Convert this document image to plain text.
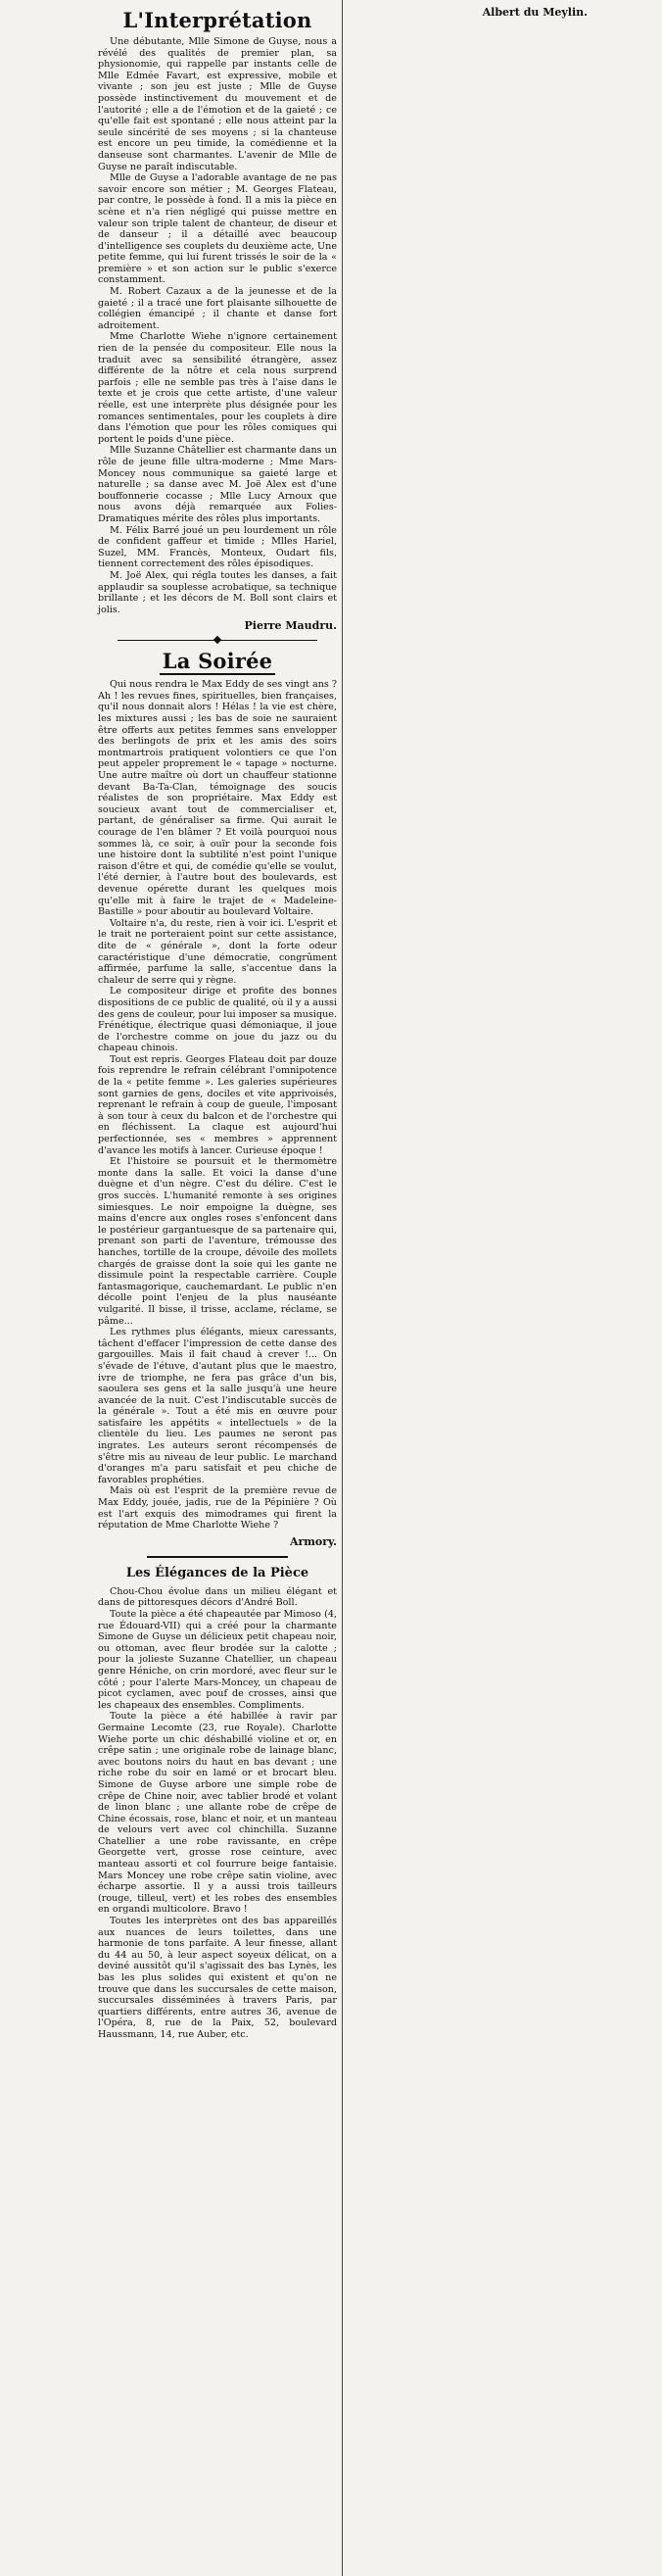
L'Interprétation

Une débutante, Mlle Simone de Guyse, nous a révélé des qualités de premier plan, sa physionomie, qui rappelle par instants celle de Mlle Edmée Favart, est expressive, mobile et vivante ; son jeu est juste ; Mlle de Guyse possède instinctivement du mouvement et de l'autorité ; elle a de l'émotion et de la gaieté ; ce qu'elle fait est spontané ; elle nous atteint par la seule sincérité de ses moyens ; si la chanteuse est encore un peu timide, la comédienne et la danseuse sont charmantes. L'avenir de Mlle de Guyse ne paraît indiscutable.

Mlle de Guyse a l'adorable avantage de ne pas savoir encore son métier ; M. Georges Flateau, par contre, le possède à fond. Il a mis la pièce en scène et n'a rien négligé qui puisse mettre en valeur son triple talent de chanteur, de diseur et de danseur ; il a détaillé avec beaucoup d'intelligence ses couplets du deuxième acte, Une petite femme, qui lui furent trissés le soir de la « première » et son action sur le public s'exerce constamment.

M. Robert Cazaux a de la jeunesse et de la gaieté ; il a tracé une fort plaisante silhouette de collégien émancipé ; il chante et danse fort adroitement.

Mme Charlotte Wiehe n'ignore certainement rien de la pensée du compositeur. Elle nous la traduit avec sa sensibilité étrangère, assez différente de la nôtre et cela nous surprend parfois ; elle ne semble pas très à l'aise dans le texte et je crois que cette artiste, d'une valeur réelle, est une interprète plus désignée pour les romances sentimentales, pour les couplets à dire dans l'émotion que pour les rôles comiques qui portent le poids d'une pièce.

Mlle Suzanne Châtellier est charmante dans un rôle de jeune fille ultra-moderne ; Mme Mars-Moncey nous communique sa gaieté large et naturelle ; sa danse avec M. Joë Alex est d'une bouffonnerie cocasse ; Mlle Lucy Arnoux que nous avons déjà remarquée aux Folies-Dramatiques mérite des rôles plus importants.

M. Félix Barré joué un peu lourdement un rôle de confident gaffeur et timide ; Mlles Hariel, Suzel, MM. Francès, Monteux, Oudart fils, tiennent correctement des rôles épisodiques.

M. Joë Alex, qui régla toutes les danses, a fait applaudir sa souplesse acrobatique, sa technique brillante ; et les décors de M. Boll sont clairs et jolis.

Pierre Maudru.
La Soirée

Qui nous rendra le Max Eddy de ses vingt ans ? Ah ! les revues fines, spirituelles, bien françaises, qu'il nous donnait alors ! Hélas ! la vie est chère, les mixtures aussi ; les bas de soie ne sauraient être offerts aux petites femmes sans envelopper des berlingots de prix et les amis des soirs montmartrois pratiquent volontiers ce que l'on peut appeler proprement le « tapage » nocturne. Une autre maître où dort un chauffeur stationne devant Ba-Ta-Clan, témoignage des soucis réalistes de son propriétaire. Max Eddy est soucieux avant tout de commercialiser et, partant, de généraliser sa firme. Qui aurait le courage de l'en blâmer ? Et voilà pourquoi nous sommes là, ce soir, à ouïr pour la seconde fois une histoire dont la subtilité n'est point l'unique raison d'être et qui, de comédie qu'elle se voulut, l'été dernier, à l'autre bout des boulevards, est devenue opérette durant les quelques mois qu'elle mit à faire le trajet de « Madeleine-Bastille » pour aboutir au boulevard Voltaire.

Voltaire n'a, du reste, rien à voir ici. L'esprit et le trait ne porteraient point sur cette assistance, dite de « générale », dont la forte odeur caractéristique d'une démocratie, congrûment affirmée, parfume la salle, s'accentue dans la chaleur de serre qui y règne.

Le compositeur dirige et profite des bonnes dispositions de ce public de qualité, où il y a aussi des gens de couleur, pour lui imposer sa musique. Frénétique, électrique quasi démoniaque, il joue de l'orchestre comme on joue du jazz ou du chapeau chinois.

Tout est repris. Georges Flateau doit par douze fois reprendre le refrain célébrant l'omnipotence de la « petite femme ». Les galeries supérieures sont garnies de gens, dociles et vite apprivoisés, reprenant le refrain à coup de gueule, l'imposant à son tour à ceux du balcon et de l'orchestre qui en fléchissent. La claque est aujourd'hui perfectionnée, ses « membres » apprennent d'avance les motifs à lancer. Curieuse époque !

Et l'histoire se poursuit et le thermomètre monte dans la salle. Et voici la danse d'une duègne et d'un nègre. C'est du délire. C'est le gros succès. L'humanité remonte à ses origines simiesques. Le noir empoigne la duègne, ses mains d'encre aux ongles roses s'enfoncent dans le postérieur gargantuesque de sa partenaire qui, prenant son parti de l'aventure, trémousse des hanches, tortille de la croupe, dévoile des mollets chargés de graisse dont la soie qui les gante ne dissimule point la respectable carrière. Couple fantasmagorique, cauchemardant. Le public n'en décolle point l'enjeu de la plus nauséante vulgarité. Il bisse, il trisse, acclame, réclame, se pâme...

Les rythmes plus élégants, mieux caressants, tâchent d'effacer l'impression de cette danse des gargouilles. Mais il fait chaud à crever !... On s'évade de l'étuve, d'autant plus que le maestro, ivre de triomphe, ne fera pas grâce d'un bis, saoulera ses gens et la salle jusqu'à une heure avancée de la nuit. C'est l'indiscutable succès de la générale ». Tout a été mis en œuvre pour satisfaire les appétits « intellectuels » de la clientèle du lieu. Les paumes ne seront pas ingrates. Les auteurs seront récompensés de s'être mis au niveau de leur public. Le marchand d'oranges m'a paru satisfait et peu chiche de favorables prophéties.

Mais où est l'esprit de la première revue de Max Eddy, jouée, jadis, rue de la Pépinière ? Où est l'art exquis des mimodrames qui firent la réputation de Mme Charlotte Wiehe ?

Armory.
Les Élégances de la Pièce

Chou-Chou évolue dans un milieu élégant et dans de pittoresques décors d'André Boll.

Toute la pièce a été chapeautée par Mimoso (4, rue Édouard-VII) qui a créé pour la charmante Simone de Guyse un délicieux petit chapeau noir, ou ottoman, avec fleur brodée sur la calotte ; pour la jolieste Suzanne Chatellier, un chapeau genre Héniche, on crin mordoré, avec fleur sur le côté ; pour l'alerte Mars-Moncey, un chapeau de picot cyclamen, avec pouf de crosses, ainsi que les chapeaux des ensembles. Compliments.

Toute la pièce a été habillée à ravir par Germaine Lecomte (23, rue Royale). Charlotte Wiehe porte un chic déshabillé violine et or, en crêpe satin ; une originale robe de lainage blanc, avec boutons noirs du haut en bas devant ; une riche robe du soir en lamé or et brocart bleu. Simone de Guyse arbore une simple robe de crêpe de Chine noir, avec tablier brodé et volant de linon blanc ; une allante robe de crêpe de Chine écossais, rose, blanc et noir, et un manteau de velours vert avec col chinchilla. Suzanne Chatellier a une robe ravissante, en crêpe Georgette vert, grosse rose ceinture, avec manteau assorti et col fourrure beige fantaisie. Mars Moncey une robe crêpe satin violine, avec écharpe assortie. Il y a aussi trois tailleurs (rouge, tilleul, vert) et les robes des ensembles en organdi multicolore. Bravo !

Toutes les interprètes ont des bas appareillés aux nuances de leurs toilettes, dans une harmonie de tons parfaite. A leur finesse, allant du 44 au 50, à leur aspect soyeux délicat, on a deviné aussitôt qu'il s'agissait des bas Lynès, les bas les plus solides qui existent et qu'on ne trouve que dans les succursales de cette maison, succursales disséminées à travers Paris, par quartiers différents, entre autres 36, avenue de l'Opéra, 8, rue de la Paix, 52, boulevard Haussmann, 14, rue Auber, etc.

Albert du Meylin.
